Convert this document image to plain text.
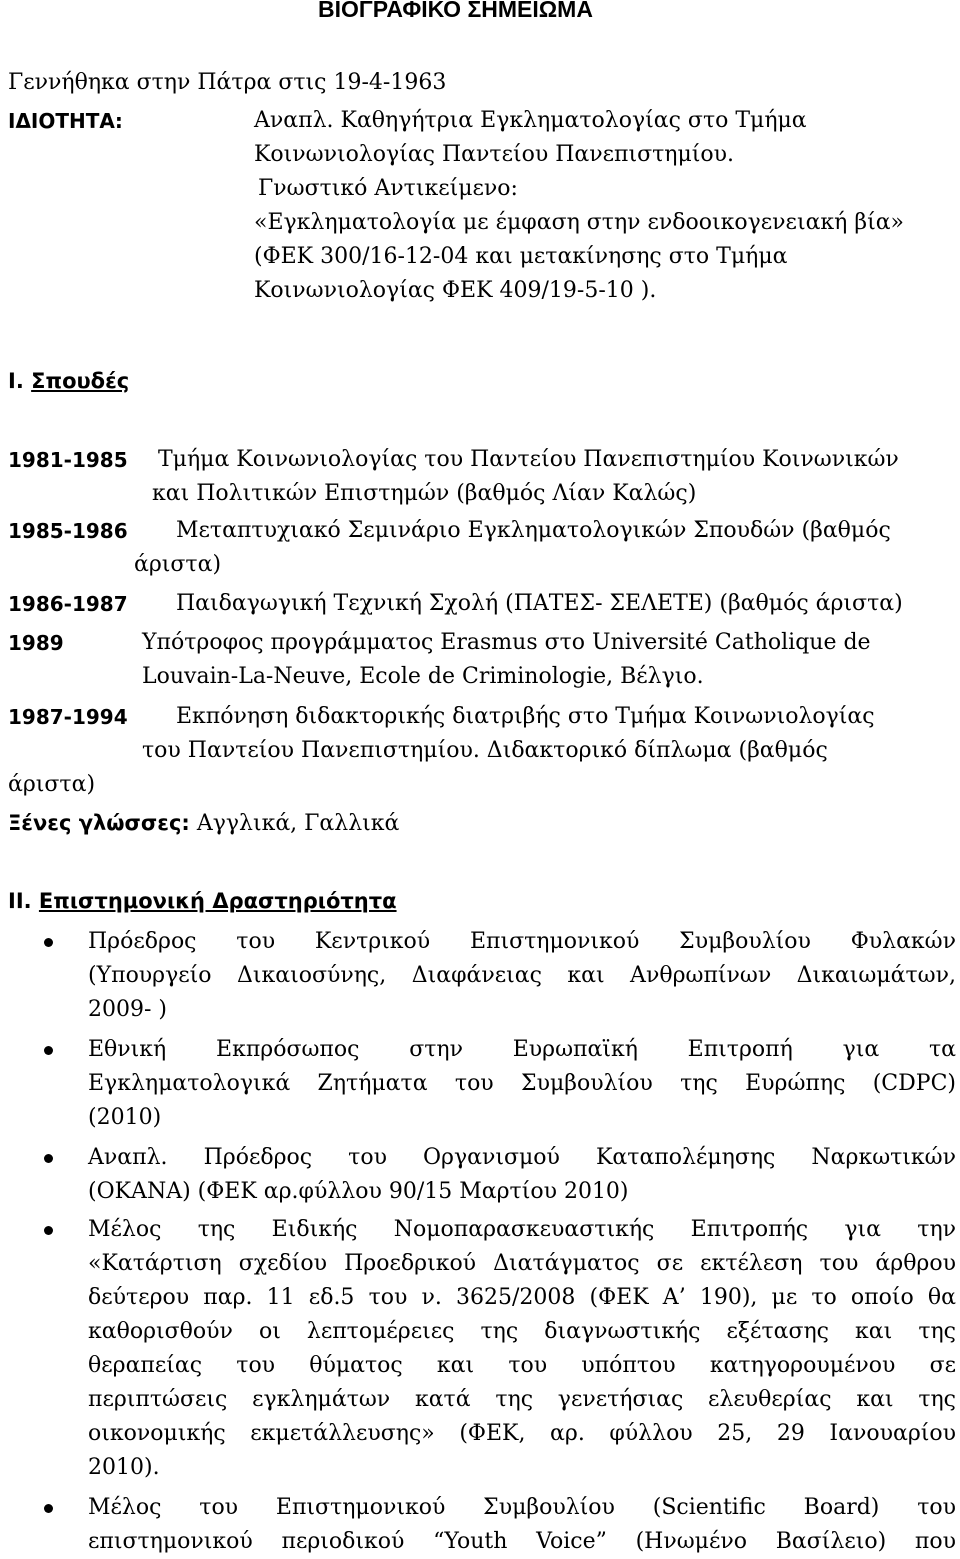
ΒΙΟΓΡΑΦΙΚΟ ΣΗΜΕΙΩΜΑ
Γεννήθηκα στην Πάτρα στις 19-4-1963
ΙΔΙΟΤΗΤΑ:	Αναπλ. Καθηγήτρια Εγκληματολογίας στο Τμήμα
Κοινωνιολογίας Παντείου Πανεπιστημίου.
Γνωστικό Αντικείμενο:
«Εγκληματολογία με έμφαση στην ενδοοικογενειακή βία»
(ΦΕΚ 300/16-12-04 και μετακίνησης στο Τμήμα
Κοινωνιολογίας ΦΕΚ 409/19-5-10 ).
Ι. Σπουδές
1981-1985 Τμήμα Κοινωνιολογίας του Παντείου Πανεπιστημίου Κοινωνικών
και Πολιτικών Επιστημών (βαθμός Λίαν Καλώς)
1985-1986 Μεταπτυχιακό Σεμινάριο Εγκληματολογικών Σπουδών (βαθμός
άριστα)
1986-1987 Παιδαγωγική Τεχνική Σχολή (ΠΑΤΕΣ- ΣΕΛΕΤΕ) (βαθμός άριστα)
1989	Υπότροφος προγράμματος Erasmus στο Université Catholique de
Louvain-La-Neuve, Ecole de Criminologie, Βέλγιο.
1987-1994 Εκπόνηση διδακτορικής διατριβής στο Τμήμα Κοινωνιολογίας
του Παντείου Πανεπιστημίου. Διδακτορικό δίπλωμα (βαθμός
άριστα)
Ξένες γλώσσες: Αγγλικά, Γαλλικά
ΙΙ. Επιστημονική Δραστηριότητα
Πρόεδρος του Κεντρικού Επιστημονικού Συμβουλίου Φυλακών
(Υπουργείο Δικαιοσύνης, Διαφάνειας και Ανθρωπίνων Δικαιωμάτων,
2009- )
Εθνική Εκπρόσωπος στην Ευρωπαϊκή Επιτροπή για τα
Εγκληματολογικά Ζητήματα του Συμβουλίου της Ευρώπης (CDPC)
(2010)
Αναπλ. Πρόεδρος του Οργανισμού Καταπολέμησης Ναρκωτικών
(ΟΚΑΝΑ) (ΦΕΚ αρ.φύλλου 90/15 Μαρτίου 2010)
Μέλος της Ειδικής Νομοπαρασκευαστικής Επιτροπής για την
«Κατάρτιση σχεδίου Προεδρικού Διατάγματος σε εκτέλεση του άρθρου
δεύτερου παρ. 11 εδ.5 του ν. 3625/2008 (ΦΕΚ Α’ 190), με το οποίο θα
καθορισθούν οι λεπτομέρειες της διαγνωστικής εξέτασης και της
θεραπείας του θύματος και του υπόπτου κατηγορουμένου σε
περιπτώσεις εγκλημάτων κατά της γενετήσιας ελευθερίας και της
οικονομικής εκμετάλλευσης» (ΦΕΚ, αρ. φύλλου 25, 29 Ιανουαρίου
2010).
Μέλος του Επιστημονικού Συμβουλίου (Scientific Board) του
επιστημονικού περιοδικού “Youth Voice” (Ηνωμένο Βασίλειο) που
